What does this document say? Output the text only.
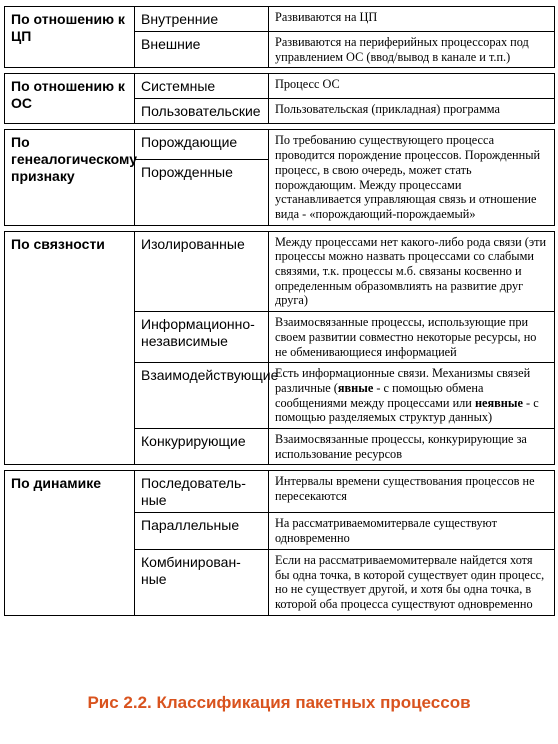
По отношению к ЦП	Внутренние	Развиваются на ЦП
	Внешние	Развиваются на периферийных процессорах под управлением ОС (ввод/вывод в канале и т.п.)

По отношению к ОС	Системные	Процесс ОС
	Пользовательские	Пользовательская (прикладная) программа

По генеалогическому признаку	Порождающие	По требованию существующего процесса проводится порождение процессов. Порожденный процесс, в свою очередь, может стать порождающим. Между процессами устанавливается управляющая связь и отношение вида - «порождающий-порождаемый»
	Порожденные	

По связности	Изолированные	Между процессами нет какого-либо рода связи (эти процессы можно назвать процессами со слабыми связями, т.к. процессы м.б. связаны косвенно и определенным образомвлиять на развитие друг друга)
	Информационно-независимые	Взаимосвязанные процессы, использующие при своем развитии совместно некоторые ресурсы, но не обменивающиеся информацией
	Взаимодействующие	Есть информационные связи. Механизмы связей различные (явные - с помощью обмена сообщениями между процессами или неявные - с помощью разделяемых структур данных)
	Конкурирующие	Взаимосвязанные процессы, конкурирующие за использование ресурсов

По динамике	Последователь-ные	Интервалы времени существования процессов не пересекаются
	Параллельные	На рассматриваемомитервале существуют одновременно
	Комбинирован-ные	Если на рассматриваемомитервале найдется хотя бы одна точка, в которой существует один процесс, но не существует другой, и хотя бы одна точка, в которой оба процесса существуют одновременно
Рис 2.2. Классификация пакетных процессов
